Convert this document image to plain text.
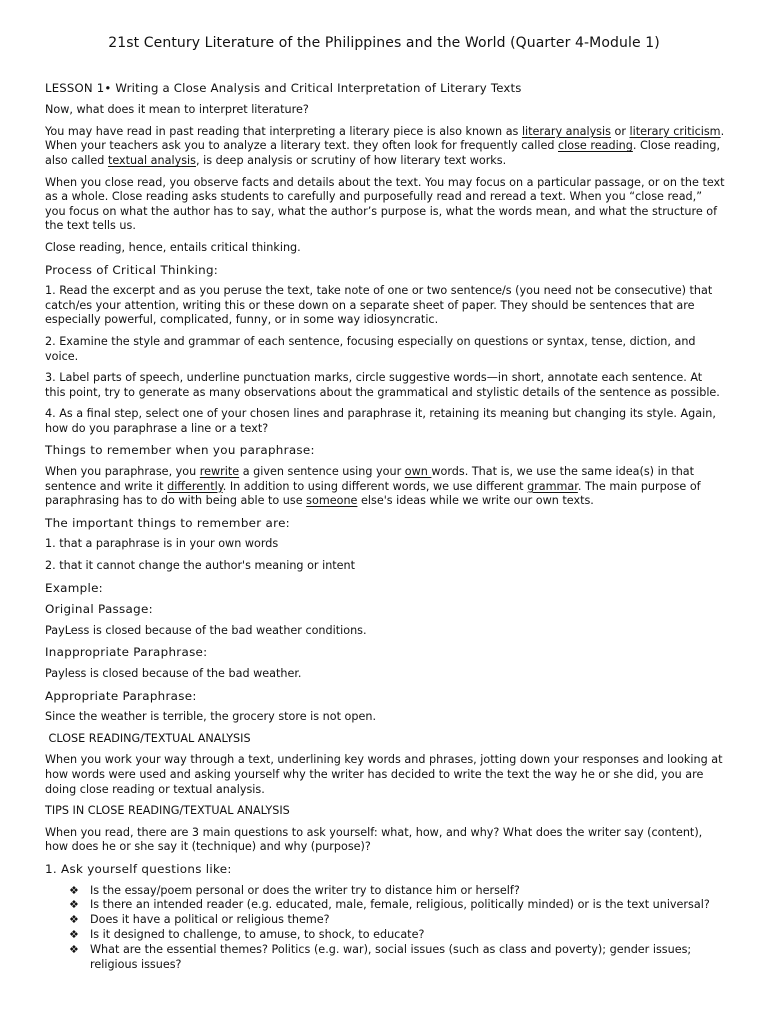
21st Century Literature of the Philippines and the World (Quarter 4-Module 1)

LESSON 1• Writing a Close Analysis and Critical Interpretation of Literary Texts

Now, what does it mean to interpret literature?

You may have read in past reading that interpreting a literary piece is also known as literary analysis or literary criticism. When your teachers ask you to analyze a literary text. they often look for frequently called close reading. Close reading, also called textual analysis, is deep analysis or scrutiny of how literary text works.

When you close read, you observe facts and details about the text. You may focus on a particular passage, or on the text as a whole. Close reading asks students to carefully and purposefully read and reread a text. When you “close read,” you focus on what the author has to say, what the author’s purpose is, what the words mean, and what the structure of the text tells us.

Close reading, hence, entails critical thinking.

Process of Critical Thinking:

1. Read the excerpt and as you peruse the text, take note of one or two sentence/s (you need not be consecutive) that catch/es your attention, writing this or these down on a separate sheet of paper. They should be sentences that are especially powerful, complicated, funny, or in some way idiosyncratic.

2. Examine the style and grammar of each sentence, focusing especially on questions or syntax, tense, diction, and voice.

3. Label parts of speech, underline punctuation marks, circle suggestive words—in short, annotate each sentence. At this point, try to generate as many observations about the grammatical and stylistic details of the sentence as possible.

4. As a final step, select one of your chosen lines and paraphrase it, retaining its meaning but changing its style. Again, how do you paraphrase a line or a text?

Things to remember when you paraphrase:

When you paraphrase, you rewrite a given sentence using your own words. That is, we use the same idea(s) in that sentence and write it differently. In addition to using different words, we use different grammar. The main purpose of paraphrasing has to do with being able to use someone else's ideas while we write our own texts.

The important things to remember are:

1. that a paraphrase is in your own words

2. that it cannot change the author's meaning or intent

Example:

Original Passage:

PayLess is closed because of the bad weather conditions.

Inappropriate Paraphrase:

Payless is closed because of the bad weather.

Appropriate Paraphrase:

Since the weather is terrible, the grocery store is not open.

CLOSE READING/TEXTUAL ANALYSIS

When you work your way through a text, underlining key words and phrases, jotting down your responses and looking at how words were used and asking yourself why the writer has decided to write the text the way he or she did, you are doing close reading or textual analysis.

TIPS IN CLOSE READING/TEXTUAL ANALYSIS

When you read, there are 3 main questions to ask yourself: what, how, and why? What does the writer say (content), how does he or she say it (technique) and why (purpose)?

1. Ask yourself questions like:

❖ Is the essay/poem personal or does the writer try to distance him or herself?
❖ Is there an intended reader (e.g. educated, male, female, religious, politically minded) or is the text universal?
❖ Does it have a political or religious theme?
❖ Is it designed to challenge, to amuse, to shock, to educate?
❖ What are the essential themes? Politics (e.g. war), social issues (such as class and poverty); gender issues; religious issues?
